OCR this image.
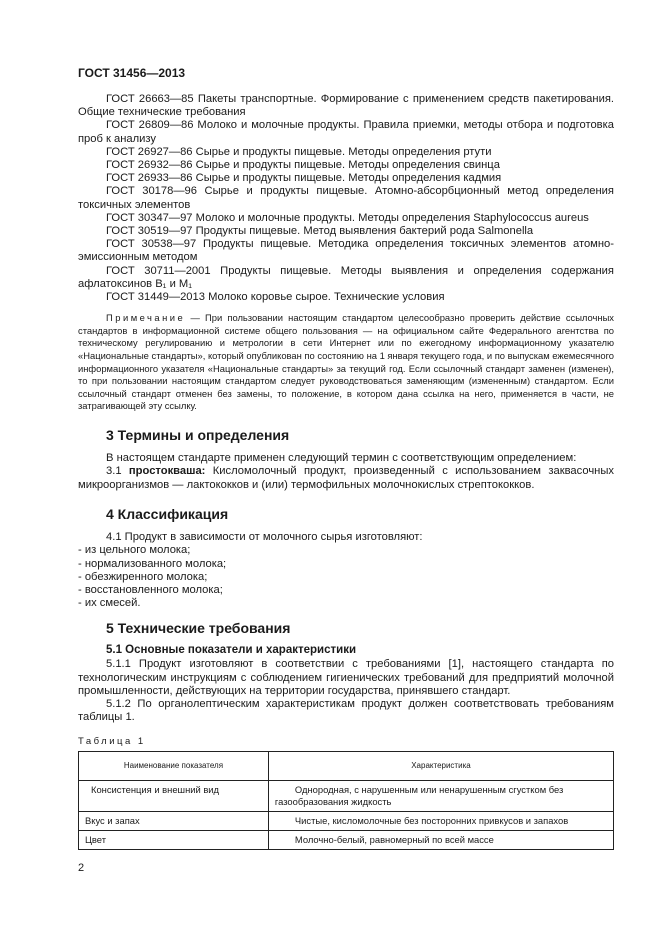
ГОСТ 31456—2013

ГОСТ 26663—85 Пакеты транспортные. Формирование с применением средств пакетирования. Общие технические требования

ГОСТ 26809—86 Молоко и молочные продукты. Правила приемки, методы отбора и подготовка проб к анализу

ГОСТ 26927—86 Сырье и продукты пищевые. Методы определения ртути

ГОСТ 26932—86 Сырье и продукты пищевые. Методы определения свинца

ГОСТ 26933—86 Сырье и продукты пищевые. Методы определения кадмия

ГОСТ 30178—96 Сырье и продукты пищевые. Атомно-абсорбционный метод определения токсичных элементов

ГОСТ 30347—97 Молоко и молочные продукты. Методы определения Staphylococcus aureus

ГОСТ 30519—97 Продукты пищевые. Метод выявления бактерий рода Salmonella

ГОСТ 30538—97 Продукты пищевые. Методика определения токсичных элементов атомно-эмиссионным методом

ГОСТ 30711—2001 Продукты пищевые. Методы выявления и определения содержания афлатоксинов B₁ и M₁

ГОСТ 31449—2013 Молоко коровье сырое. Технические условия

Примечание — При пользовании настоящим стандартом целесообразно проверить действие ссылочных стандартов в информационной системе общего пользования — на официальном сайте Федерального агентства по техническому регулированию и метрологии в сети Интернет или по ежегодному информационному указателю «Национальные стандарты», который опубликован по состоянию на 1 января текущего года, и по выпускам ежемесячного информационного указателя «Национальные стандарты» за текущий год. Если ссылочный стандарт заменен (изменен), то при пользовании настоящим стандартом следует руководствоваться заменяющим (измененным) стандартом. Если ссылочный стандарт отменен без замены, то положение, в котором дана ссылка на него, применяется в части, не затрагивающей эту ссылку.
3 Термины и определения

В настоящем стандарте применен следующий термин с соответствующим определением:

3.1 простокваша: Кисломолочный продукт, произведенный с использованием заквасочных микроорганизмов — лактококков и (или) термофильных молочнокислых стрептококков.

4 Классификация

4.1 Продукт в зависимости от молочного сырья изготовляют:

- из цельного молока;

- нормализованного молока;

- обезжиренного молока;

- восстановленного молока;

- их смесей.

5 Технические требования
5.1 Основные показатели и характеристики

5.1.1 Продукт изготовляют в соответствии с требованиями [1], настоящего стандарта по технологическим инструкциям с соблюдением гигиенических требований для предприятий молочной промышленности, действующих на территории государства, принявшего стандарт.

5.1.2 По органолептическим характеристикам продукт должен соответствовать требованиям таблицы 1.

Таблица 1
Наименование показателя	Характеристика
Консистенция и внешний вид	Однородная, с нарушенным или ненарушенным сгустком без газообразования жидкость
Вкус и запах	Чистые, кисломолочные без посторонних привкусов и запахов
Цвет	Молочно-белый, равномерный по всей массе
2
